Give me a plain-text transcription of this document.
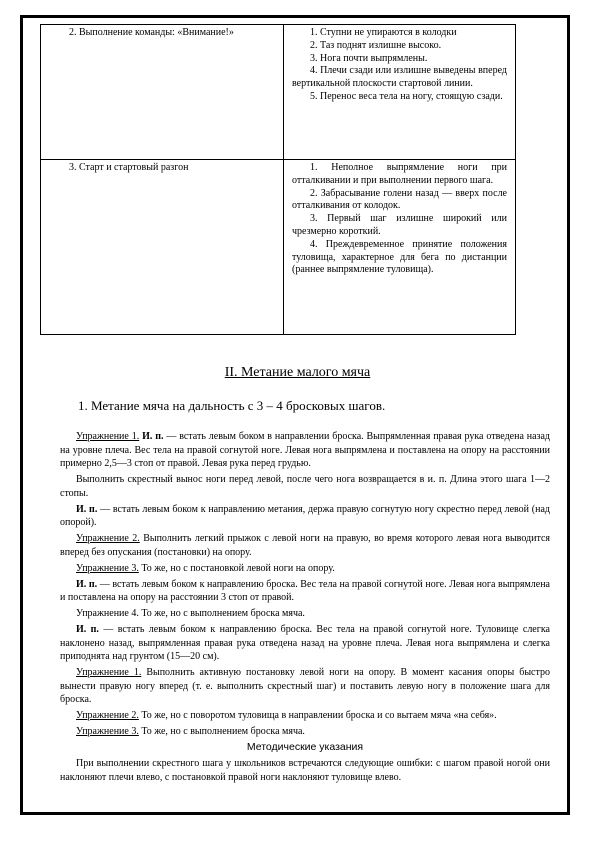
2. Выполнение команды: «Внимание!»	1. Ступни не упираются в колодки
2. Таз поднят излишне высоко.
3. Нога почти выпрямлены.
4. Плечи сзади или излишне выведены вперед вертикальной плоскости стартовой линии.
5. Перенос веса тела на ногу, стоящую сзади.

3. Старт и стартовый разгон	1. Неполное выпрямление ноги при отталкивании и при выполнении первого шага.
2. Забрасывание голени назад — вверх после отталкивания от колодок.
3. Первый шаг излишне широкий или чрезмерно короткий.
4. Преждевременное принятие положения туловища, характерное для бега по дистанции (раннее выпрямление туловища).
II. Метание малого мяча
1. Метание мяча на дальность с 3 – 4 бросковых шагов.

Упражнение 1. И. п. — встать левым боком в направлении броска. Выпрямленная правая рука отведена назад на уровне плеча. Вес тела на правой согнутой ноге. Левая нога выпрямлена и поставлена на опору на расстоянии примерно 2,5—3 стоп от правой. Левая рука перед грудью.

Выполнить скрестный вынос ноги перед левой, после чего нога возвращается в и. п. Длина этого шага 1—2 стопы.

И. п. — встать левым боком к направлению метания, держа правую согнутую ногу скрестно перед левой (над опорой).

Упражнение 2. Выполнить легкий прыжок с левой ноги на правую, во время которого левая нога выводится вперед без опускания (постановки) на опору.

Упражнение 3. То же, но с постановкой левой ноги на опору.

И. п. — встать левым боком к направлению броска. Вес тела на правой согнутой ноге. Левая нога выпрямлена и поставлена на опору на расстоянии 3 стоп от правой.

Упражнение 4. То же, но с выполнением броска мяча.

И. п. — встать левым боком к направлению броска. Вес тела на правой согнутой ноге. Туловище слегка наклонено назад, выпрямленная правая рука отведена назад на уровне плеча. Левая нога выпрямлена и слегка приподнята над грунтом (15—20 см).

Упражнение 1. Выполнить активную постановку левой ноги на опору. В момент касания опоры быстро вынести правую ногу вперед (т. е. выполнить скрестный шаг) и поставить левую ногу в положение шага для броска.

Упражнение 2. То же, но с поворотом туловища в направлении броска и со вытаем мяча «на себя».

Упражнение 3. То же, но с выполнением броска мяча.

Методические указания

При выполнении скрестного шага у школьников встречаются следующие ошибки: с шагом правой ногой они наклоняют плечи влево, с постановкой правой ноги наклоняют туловище влево.
